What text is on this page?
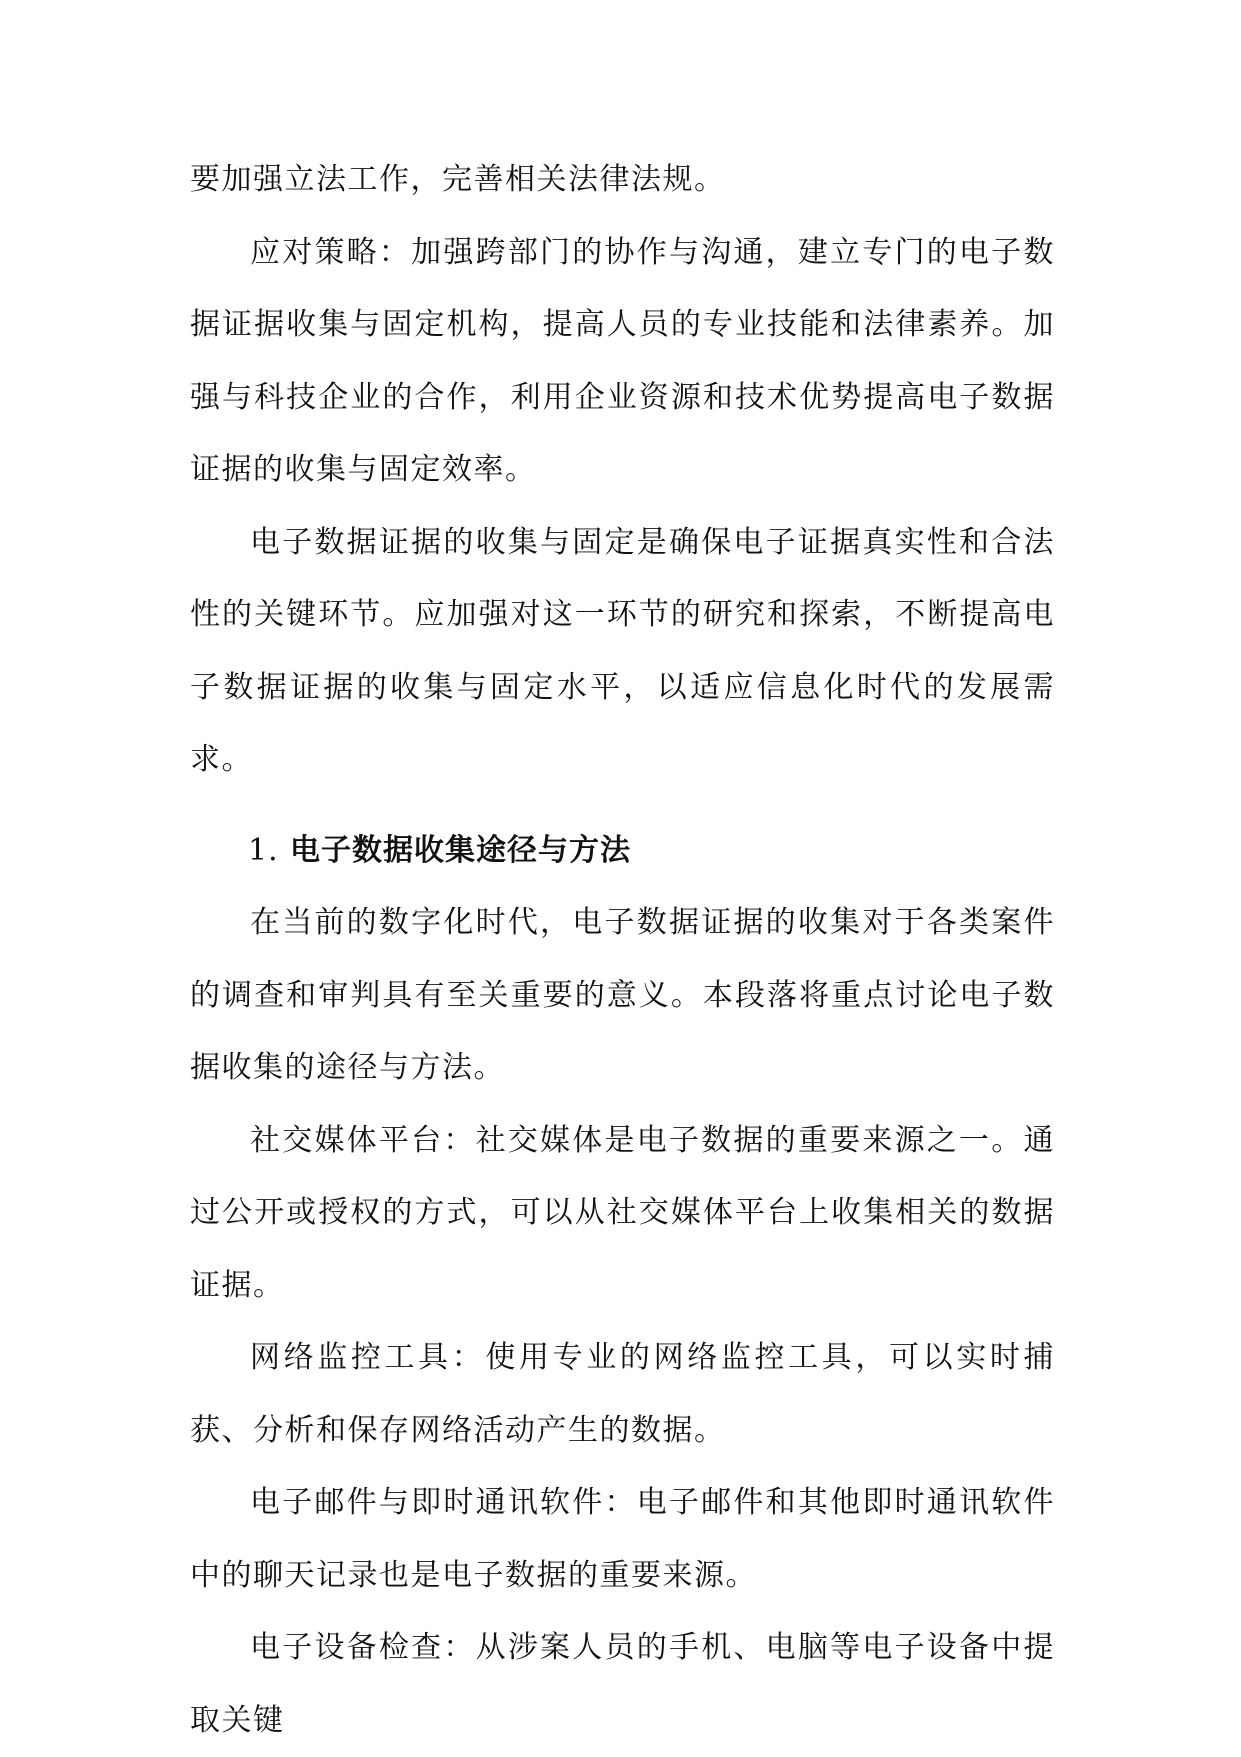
要加强立法工作，完善相关法律法规。

应对策略：加强跨部门的协作与沟通，建立专门的电子数据证据收集与固定机构，提高人员的专业技能和法律素养。加强与科技企业的合作，利用企业资源和技术优势提高电子数据证据的收集与固定效率。

电子数据证据的收集与固定是确保电子证据真实性和合法性的关键环节。应加强对这一环节的研究和探索，不断提高电子数据证据的收集与固定水平，以适应信息化时代的发展需求。

1. 电子数据收集途径与方法

在当前的数字化时代，电子数据证据的收集对于各类案件的调查和审判具有至关重要的意义。本段落将重点讨论电子数据收集的途径与方法。

社交媒体平台：社交媒体是电子数据的重要来源之一。通过公开或授权的方式，可以从社交媒体平台上收集相关的数据证据。

网络监控工具：使用专业的网络监控工具，可以实时捕获、分析和保存网络活动产生的数据。

电子邮件与即时通讯软件：电子邮件和其他即时通讯软件中的聊天记录也是电子数据的重要来源。

电子设备检查：从涉案人员的手机、电脑等电子设备中提取关键
